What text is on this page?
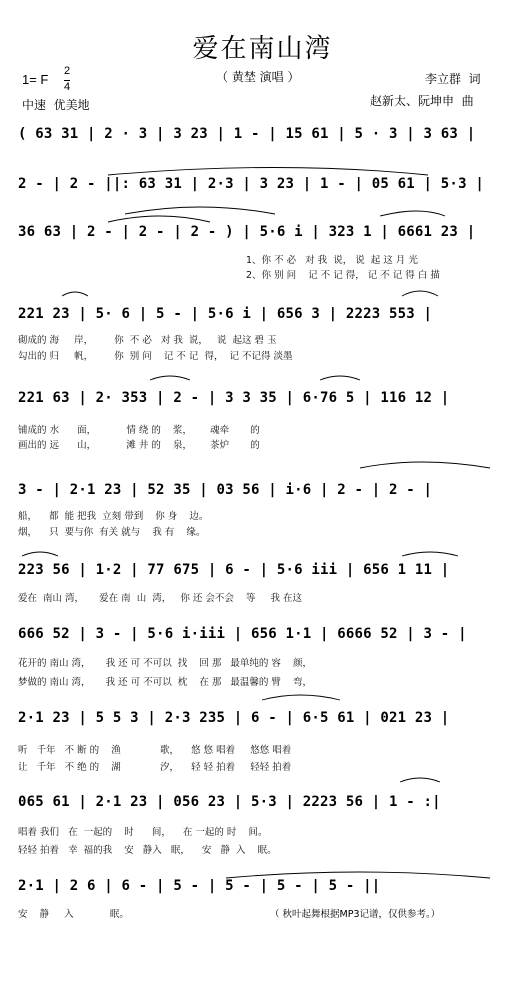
爱在南山湾
（ 黄埜 演唱 ）
1= F
2
4
中速  优美地
李立群  词
赵新太、阮坤申  曲
( 63 31 | 2 · 3 | 3 23 | 1 - | 15 61 | 5 · 3 | 3 63 |
2 - | 2 - ||: 63 31 | 2·3 | 3 23 | 1 - | 05 61 | 5·3 |
36 63 | 2 - | 2 - | 2 - ) | 5·6 i | 323 1 | 6661 23 |
1、你 不 必   对 我  说， 说  起 这 月 光
2、你 别 问    记 不 记 得， 记 不 记 得 白 描
221 23 | 5· 6 | 5 - | 5·6 i | 656 3 | 2223 553 |
砌成的 海     岸，       你  不 必   对 我  说，   说  起这 碧 玉
勾出的 归     帆，       你  别 问    记 不 记  得，  记 不记得 淡墨
221 63 | 2· 353 | 2 - | 3 3 35 | 6·76 5 | 116 12 |
铺成的 水      面，          情 绕 的    浆，      魂牵       的
画出的 远      山，          滩 井 的    泉，      茶炉       的
3 - | 2·1 23 | 52 35 | 03 56 | i·6 | 2 - | 2 - |
船，    都  能 把我  立刻 带到    你 身    边。
烟，    只  要与你  有关 就与    我 有    缘。
223 56 | 1·2 | 77 675 | 6 - | 5·6 iii | 656 1 11 |
爱在  南山 湾，     爱在 南  山  湾，   你 还 会不会    等     我 在这
666 52 | 3 - | 5·6 i·iii | 656 1·1 | 6666 52 | 3 - |
花开的 南山 湾，     我 还 可 不可以  找    回 那   最单纯的 容    颜，
梦做的 南山 湾，     我 还 可 不可以  枕    在 那   最温馨的 臂    弯，
2·1 23 | 5 5 3 | 2·3 235 | 6 - | 6·5 61 | 021 23 |
听   千年   不 断 的    渔             歌，    悠 悠 唱着     悠悠 唱着
让   千年   不 绝 的    湖             汐，    轻 轻 拍着     轻轻 拍着
065 61 | 2·1 23 | 056 23 | 5·3 | 2223 56 | 1 - :|
唱着 我们   在  一起的    时      间，    在 一起的 时    间。
轻轻 拍着   幸  福的我    安   静入   眠，    安   静  入    眠。
2·1 | 2 6 | 6 - | 5 - | 5 - | 5 - | 5 - ||
安    静     入            眠。	（ 秋叶起舞根据MP3记谱，仅供参考。）
